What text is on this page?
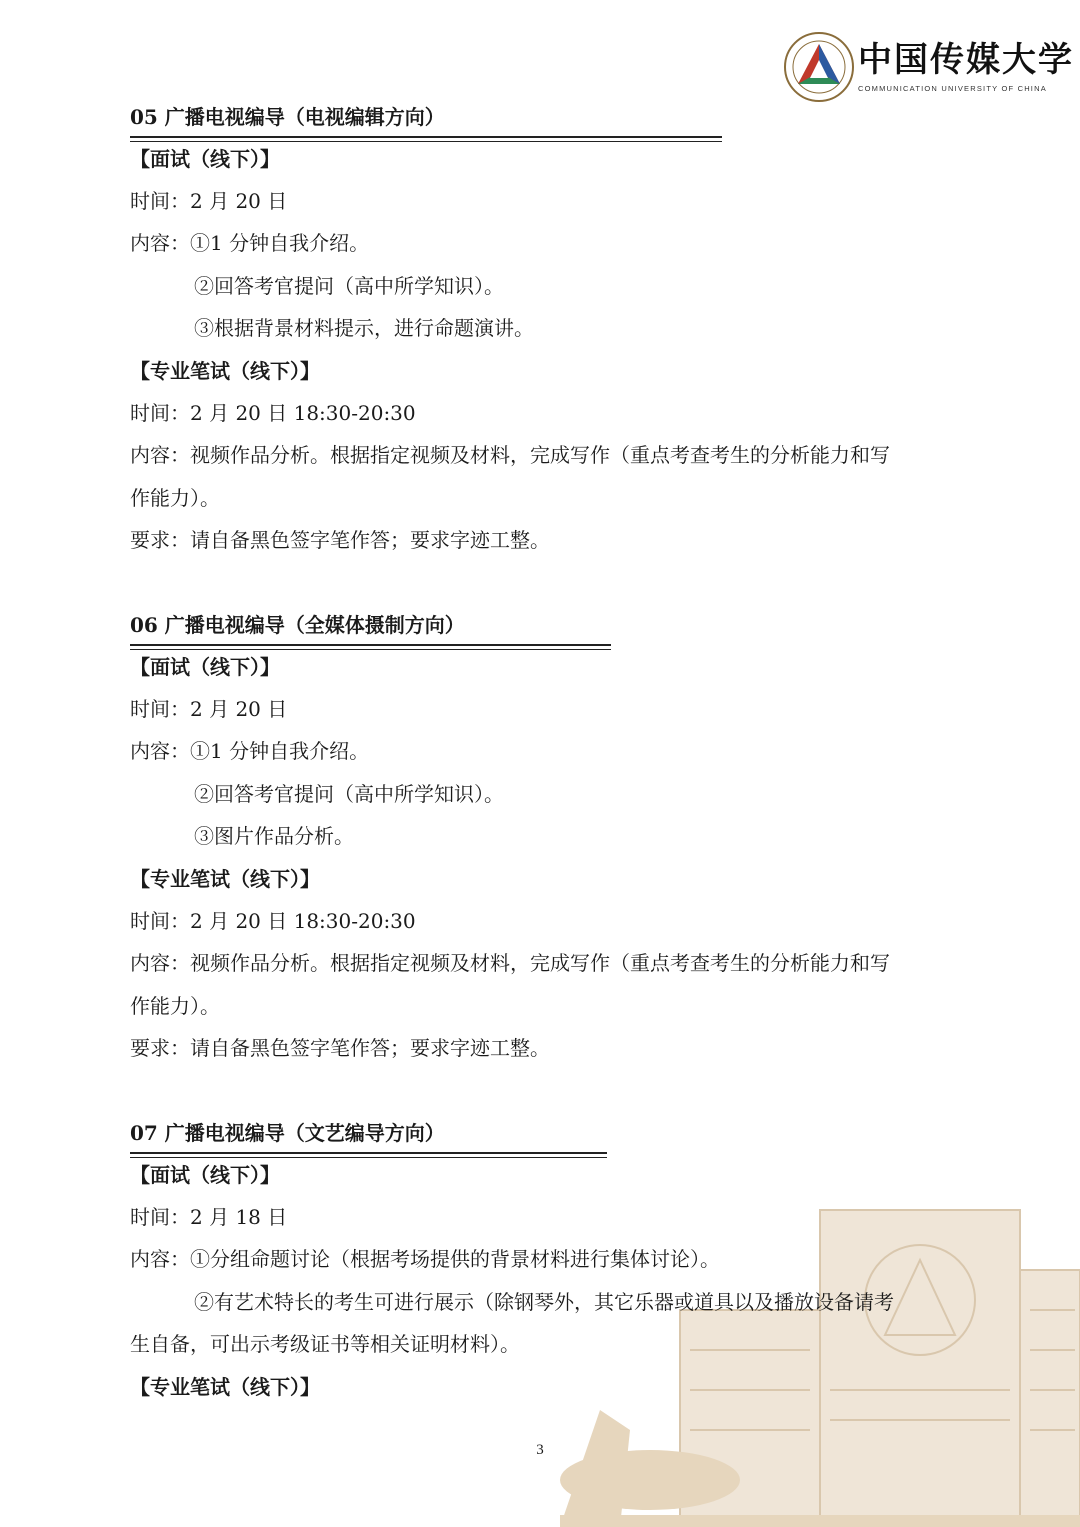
中国传媒大学
COMMUNICATION UNIVERSITY OF CHINA
05 广播电视编导（电视编辑方向）
【面试（线下）】
时间：2 月 20 日
内容：①1 分钟自我介绍。
②回答考官提问（高中所学知识）。
③根据背景材料提示，进行命题演讲。
【专业笔试（线下）】
时间：2 月 20 日 18:30-20:30
内容：视频作品分析。根据指定视频及材料，完成写作（重点考查考生的分析能力和写
作能力）。
要求：请自备黑色签字笔作答；要求字迹工整。
06 广播电视编导（全媒体摄制方向）
【面试（线下）】
时间：2 月 20 日
内容：①1 分钟自我介绍。
②回答考官提问（高中所学知识）。
③图片作品分析。
【专业笔试（线下）】
时间：2 月 20 日 18:30-20:30
内容：视频作品分析。根据指定视频及材料，完成写作（重点考查考生的分析能力和写
作能力）。
要求：请自备黑色签字笔作答；要求字迹工整。
07 广播电视编导（文艺编导方向）
【面试（线下）】
时间：2 月 18 日
内容：①分组命题讨论（根据考场提供的背景材料进行集体讨论）。
②有艺术特长的考生可进行展示（除钢琴外，其它乐器或道具以及播放设备请考
生自备，可出示考级证书等相关证明材料）。
【专业笔试（线下）】
3
